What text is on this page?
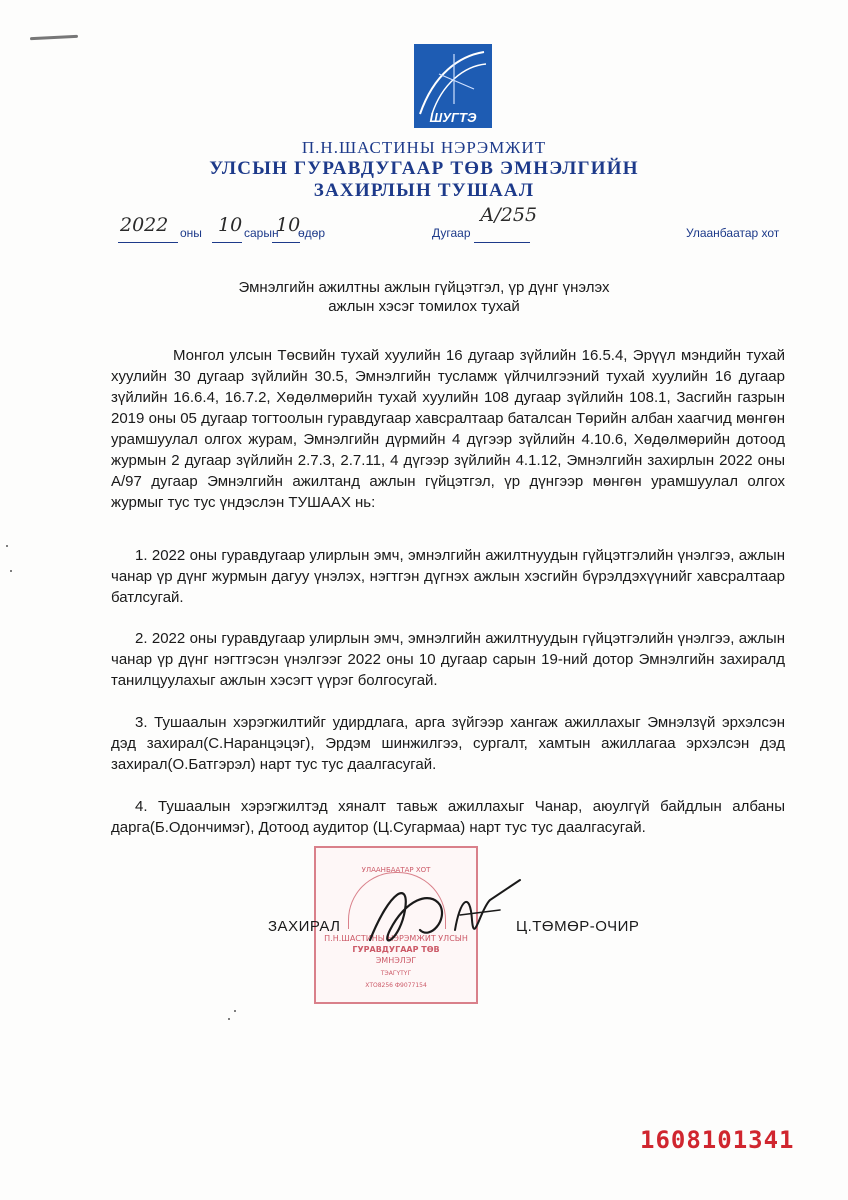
ШУГТЭ
П.Н.ШАСТИНЫ НЭРЭМЖИТ
УЛСЫН ГУРАВДУГААР ТӨВ ЭМНЭЛГИЙН
ЗАХИРЛЫН ТУШААЛ
2022 оны 10 сарын
10
өдөр	Дугаар
А/255
Улаанбаатар хот
Эмнэлгийн ажилтны ажлын гүйцэтгэл, үр дүнг үнэлэх
ажлын хэсэг томилох тухай
Монгол улсын Төсвийн тухай хуулийн 16 дугаар зүйлийн 16.5.4, Эрүүл мэндийн тухай хуулийн 30 дугаар зүйлийн 30.5, Эмнэлгийн тусламж үйлчилгээний тухай хуулийн 16 дугаар зүйлийн 16.6.4, 16.7.2, Хөдөлмөрийн тухай хуулийн 108 дугаар зүйлийн 108.1, Засгийн газрын 2019 оны 05 дугаар тогтоолын гуравдугаар хавсралтаар баталсан Төрийн албан хаагчид мөнгөн урамшуулал олгох журам, Эмнэлгийн дүрмийн 4 дүгээр зүйлийн 4.10.6, Хөдөлмөрийн дотоод журмын 2 дугаар зүйлийн 2.7.3, 2.7.11, 4 дүгээр зүйлийн 4.1.12, Эмнэлгийн захирлын 2022 оны А/97 дугаар Эмнэлгийн ажилтанд ажлын гүйцэтгэл, үр дүнгээр мөнгөн урамшуулал олгох журмыг тус тус үндэслэн ТУШААХ нь:
1. 2022 оны гуравдугаар улирлын эмч, эмнэлгийн ажилтнуудын гүйцэтгэлийн үнэлгээ, ажлын чанар үр дүнг журмын дагуу үнэлэх, нэгтгэн дүгнэх ажлын хэсгийн бүрэлдэхүүнийг хавсралтаар батлсугай.
2. 2022 оны гуравдугаар улирлын эмч, эмнэлгийн ажилтнуудын гүйцэтгэлийн үнэлгээ, ажлын чанар үр дүнг нэгтгэсэн үнэлгээг 2022 оны 10 дугаар сарын 19-ний дотор Эмнэлгийн захиралд танилцуулахыг ажлын хэсэгт үүрэг болгосугай.
3. Тушаалын хэрэгжилтийг удирдлага, арга зүйгээр хангаж ажиллахыг Эмнэлзүй эрхэлсэн дэд захирал(С.Наранцэцэг), Эрдэм шинжилгээ, сургалт, хамтын ажиллагаа эрхэлсэн дэд захирал(О.Батгэрэл) нарт тус тус даалгасугай.
4. Тушаалын хэрэгжилтэд хяналт тавьж ажиллахыг Чанар, аюулгүй байдлын албаны дарга(Б.Одончимэг), Дотоод аудитор (Ц.Сугармаа) нарт тус тус даалгасугай.
УЛААНБААТАР ХОТ
П.Н.ШАСТИНЫ НЭРЭМЖИТ УЛСЫН
ГУРАВДУГААР ТӨВ
ЭМНЭЛЭГ
ТЭАГҮТҮГ
ХТО8256 Ф9077154
ЗАХИРАЛ	Ц.ТӨМӨР-ОЧИР
1608101341
